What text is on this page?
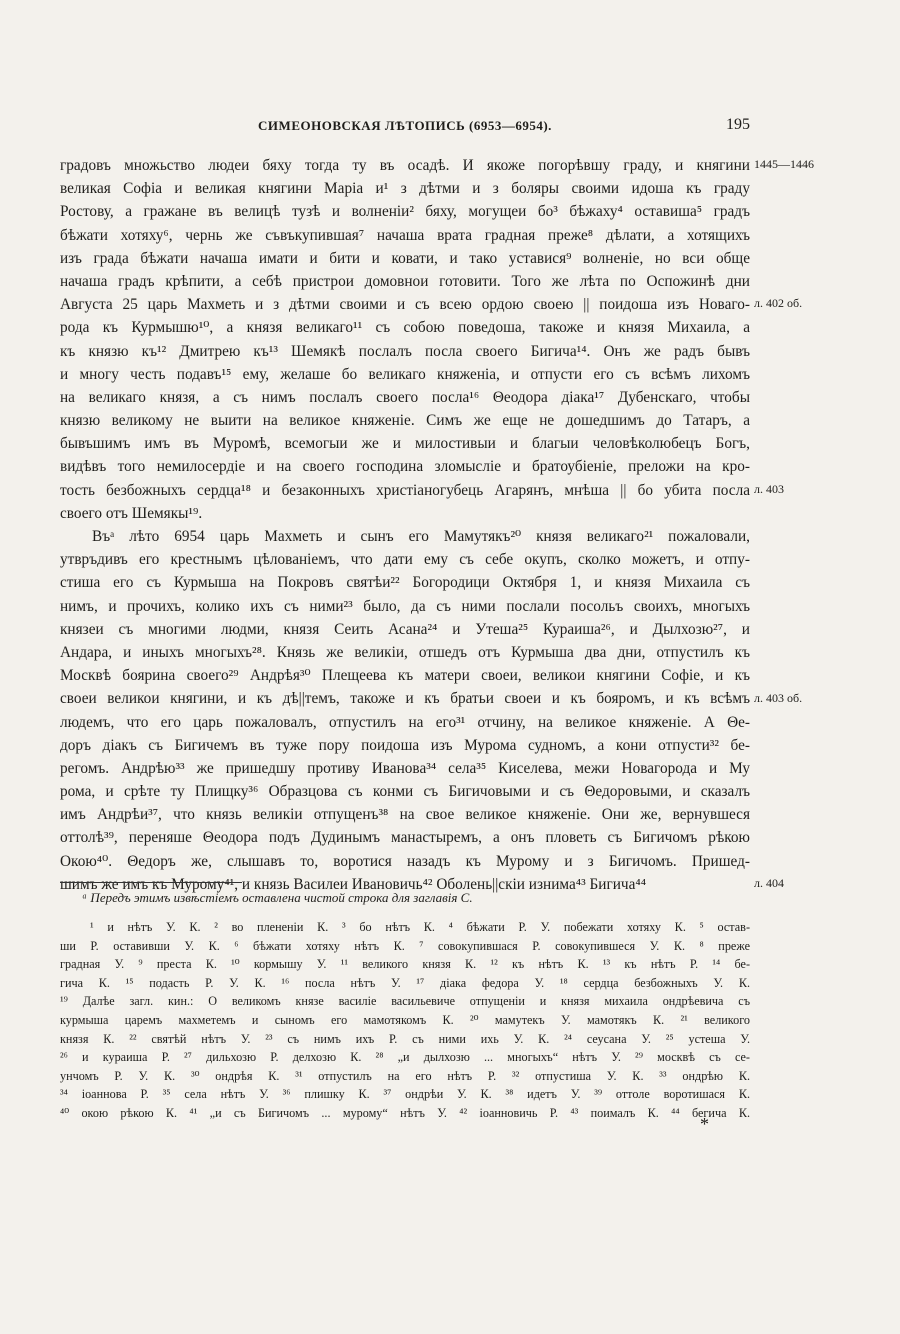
СИМЕОНОВСКАЯ ЛѢТОПИСЬ (6953—6954).	195
градовъ множьство людеи бяху тогда ту въ осадѣ. И якоже погорѣвшу граду, и княгини
великая Софіа и великая княгини Маріа и¹ з дѣтми и з боляры своими идоша къ граду
Ростову, а гражане въ велицѣ тузѣ и волненіи² бяху, могущеи бо³ бѣжаху⁴ оставиша⁵ градъ
бѣжати хотяху⁶, чернь же съвъкупившая⁷ начаша врата градная преже⁸ дѣлати, а хотящихъ
изъ града бѣжати начаша имати и бити и ковати, и тако уставися⁹ волненіе, но вси обще
начаша градъ крѣпити, а себѣ пристрои домовнои готовити. Того же лѣта по Оспожинѣ дни
Августа 25 царь Махметь и з дѣтми своими и съ всею ордою своею || поидоша изъ Новаго-
рода къ Курмышю¹⁰, а князя великаго¹¹ съ собою поведоша, такоже и князя Михаила, а
къ князю къ¹² Дмитрею къ¹³ Шемякѣ послалъ посла своего Бигича¹⁴. Онъ же радъ бывъ
и многу честь подавъ¹⁵ ему, желаше бо великаго княженіа, и отпусти его съ всѣмъ лихомъ
на великаго князя, а съ нимъ послалъ своего посла¹⁶ Θеодора діака¹⁷ Дубенскаго, чтобы
князю великому не выити на великое княженіе. Симъ же еще не дошедшимъ до Татаръ, а
бывъшимъ имъ въ Муромѣ, всемогыи же и милостивыи и благыи человѣколюбецъ Богъ,
видѣвъ того немилосердіе и на своего господина зломысліе и братоубіеніе, преложи на кро-
тость безбожныхъ сердца¹⁸ и безаконныхъ христіаногубець Агарянъ, мнѣша || бо убита посла
своего отъ Шемякы¹⁹.
Въᵃ лѣто 6954 царь Махметь и сынъ его Мамутякъ²⁰ князя великаго²¹ пожаловали,
утвръдивъ его крестнымъ цѣлованіемъ, что дати ему съ себе окупъ, сколко можетъ, и отпу-
стиша его съ Курмыша на Покровъ святѣи²² Богородици Октября 1, и князя Михаила съ
нимъ, и прочихъ, колико ихъ съ ними²³ было, да съ ними послали посольъ своихъ, многыхъ
князеи съ многими людми, князя Сеить Асана²⁴ и Утеша²⁵ Кураиша²⁶, и Дылхозю²⁷, и
Андара, и иныхъ многыхъ²⁸. Князь же великіи, отшедъ отъ Курмыша два дни, отпустилъ къ
Москвѣ боярина своего²⁹ Андрѣя³⁰ Плещеева къ матери своеи, великои княгини Софіе, и къ
своеи великои княгини, и къ дѣ||темъ, такоже и къ братьи своеи и къ бояромъ, и къ всѣмъ
людемъ, что его царь пожаловалъ, отпустилъ на его³¹ отчину, на великое княженіе. А Θе-
доръ діакъ съ Бигичемъ въ туже пору поидоша изъ Мурома судномъ, а кони отпусти³² бе-
регомъ. Андрѣю³³ же пришедшу противу Иванова³⁴ села³⁵ Киселева, межи Новагорода и Му
рома, и срѣте ту Плищку³⁶ Образцова съ конми съ Бигичовыми и съ Θедоровыми, и сказалъ
имъ Андрѣи³⁷, что князь великіи отпущенъ³⁸ на свое великое княженіе. Они же, вернувшеся
оттолѣ³⁹, переняше Θеодора подъ Дудинымъ манастыремъ, а онъ пловеть съ Бигичомъ рѣкою
Окою⁴⁰. Θедоръ же, слышавъ то, воротися назадъ къ Мурому и з Бигичомъ. Пришед-
шимъ же имъ къ Мурому⁴¹, и князь Василеи Ивановичь⁴² Оболень||скіи изнима⁴³ Бигича⁴⁴
1445—1446
л. 402 об.
л. 403
л. 403 об.
л. 404
ᵃ Передъ этимъ извѣстіемъ оставлена чистой строка для заглавія С.
¹ и нѣтъ У. К. ² во плененіи К. ³ бо нѣтъ К. ⁴ бѣжати Р. У. побежати хотяху К. ⁵ остав-
ши Р. оставивши У. К. ⁶ бѣжати хотяху нѣтъ К. ⁷ совокупившася Р. совокупившеся У. К. ⁸ преже
градная У. ⁹ преста К. ¹⁰ кормышу У. ¹¹ великого князя К. ¹² къ нѣтъ К. ¹³ къ нѣтъ Р. ¹⁴ бе-
гича К. ¹⁵ подасть Р. У. К. ¹⁶ посла нѣтъ У. ¹⁷ діака федора У. ¹⁸ сердца безбожныхъ У. К.
¹⁹ Далѣе загл. кин.: О великомъ князе василіе васильевиче отпущеніи и князя михаила ондрѣевича съ
курмыша царемъ махметемъ и сыномъ его мамотякомъ К. ²⁰ мамутекъ У. мамотякъ К. ²¹ великого
князя К. ²² святѣй нѣтъ У. ²³ съ нимъ ихъ Р. съ ними ихь У. К. ²⁴ сеусана У. ²⁵ устеша У.
²⁶ и кураиша Р. ²⁷ дильхозю Р. делхозю К. ²⁸ „и дылхозю ... многыхъ“ нѣтъ У. ²⁹ москвѣ съ се-
унчомъ Р. У. К. ³⁰ ондрѣя К. ³¹ отпустилъ на его нѣтъ Р. ³² отпустиша У. К. ³³ ондрѣю К.
³⁴ іоаннова Р. ³⁵ села нѣтъ У. ³⁶ плишку К. ³⁷ ондрѣи У. К. ³⁸ идетъ У. ³⁹ оттоле воротишася К.
⁴⁰ окою рѣкою К. ⁴¹ „и съ Бигичомъ ... мурому“ нѣтъ У. ⁴² іоанновичь Р. ⁴³ поималъ К. ⁴⁴ бегича К.
*
